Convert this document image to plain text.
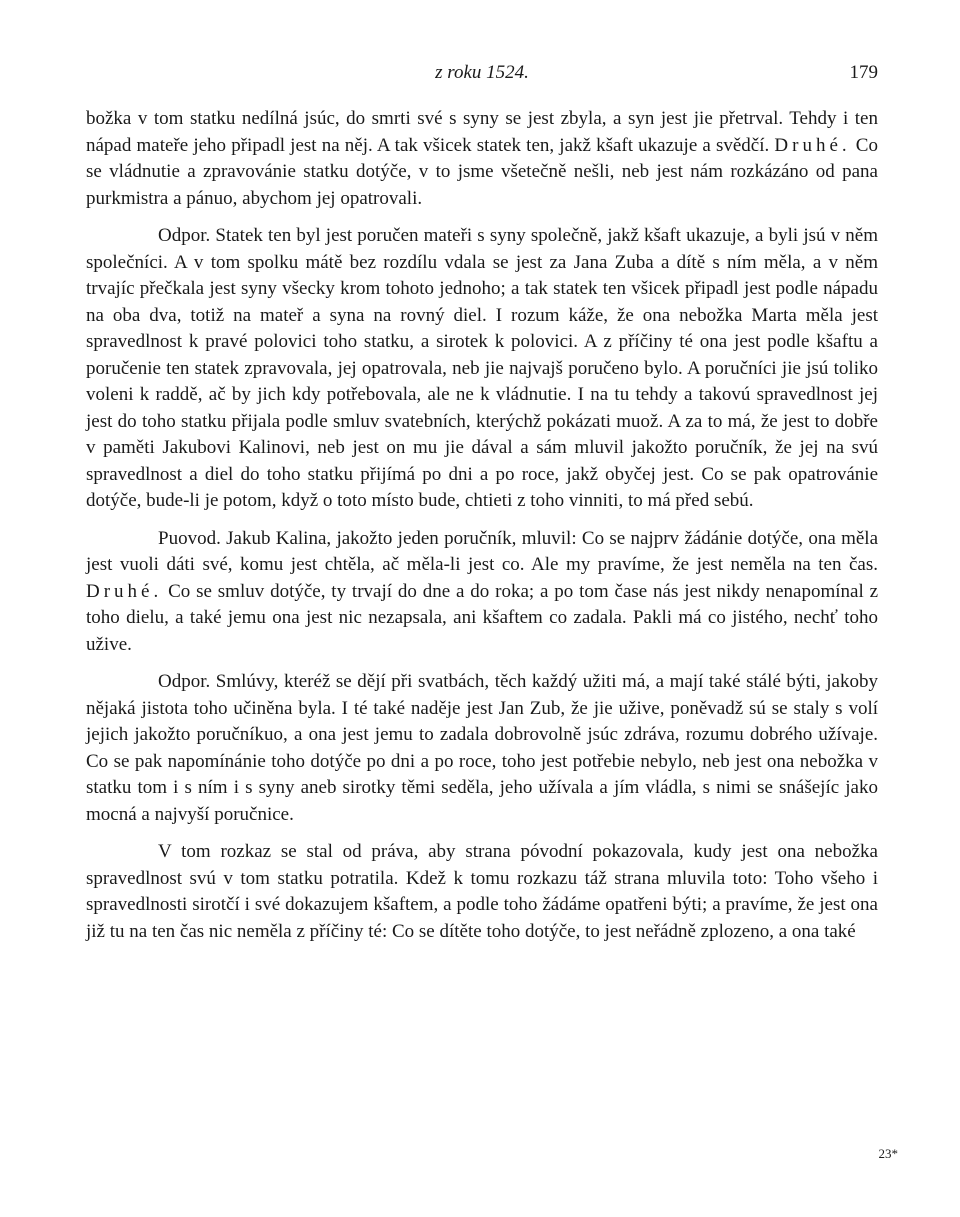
z roku 1524.	179

božka v tom statku nedílná jsúc, do smrti své s syny se jest zbyla, a syn jest jie přetrval. Tehdy i ten nápad mateře jeho připadl jest na něj. A tak všicek statek ten, jakž kšaft ukazuje a svědčí. Druhé. Co se vládnutie a zpravovánie statku dotýče, v to jsme všetečně nešli, neb jest nám rozkázáno od pana purkmistra a pánuo, abychom jej opatrovali.

Odpor. Statek ten byl jest poručen mateři s syny společně, jakž kšaft ukazuje, a byli jsú v něm společníci. A v tom spolku mátě bez rozdílu vdala se jest za Jana Zuba a dítě s ním měla, a v něm trvajíc přečkala jest syny všecky krom tohoto jednoho; a tak statek ten všicek připadl jest podle nápadu na oba dva, totiž na mateř a syna na rovný diel. I rozum káže, že ona nebožka Marta měla jest spravedlnost k pravé polovici toho statku, a sirotek k polovici. A z příčiny té ona jest podle kšaftu a poručenie ten statek zpravovala, jej opatrovala, neb jie najvajš poručeno bylo. A poručníci jie jsú toliko voleni k raddě, ač by jich kdy potřebovala, ale ne k vládnutie. I na tu tehdy a takovú spravedlnost jej jest do toho statku přijala podle smluv svatebních, kterýchž pokázati muož. A za to má, že jest to dobře v paměti Jakubovi Kalinovi, neb jest on mu jie dával a sám mluvil jakožto poručník, že jej na svú spravedlnost a diel do toho statku přijímá po dni a po roce, jakž obyčej jest. Co se pak opatrovánie dotýče, bude-li je potom, když o toto místo bude, chtieti z toho vinniti, to má před sebú.

Puovod. Jakub Kalina, jakožto jeden poručník, mluvil: Co se najprv žádánie dotýče, ona měla jest vuoli dáti své, komu jest chtěla, ač měla-li jest co. Ale my pravíme, že jest neměla na ten čas. Druhé. Co se smluv dotýče, ty trvají do dne a do roka; a po tom čase nás jest nikdy nenapomínal z toho dielu, a také jemu ona jest nic nezapsala, ani kšaftem co zadala. Pakli má co jistého, nechť toho užive.

Odpor. Smlúvy, kteréž se dějí při svatbách, těch každý užiti má, a mají také stálé býti, jakoby nějaká jistota toho učiněna byla. I té také naděje jest Jan Zub, že jie uživе, poněvadž sú se staly s volí jejich jakožto poručníkuo, a ona jest jemu to zadala dobrovolně jsúc zdráva, rozumu dobrého užívaje. Co se pak napomínánie toho dotýče po dni a po roce, toho jest potřebie nebylo, neb jest ona nebožka v statku tom i s ním i s syny aneb sirotky těmi seděla, jeho užívala a jím vládla, s nimi se snášejíc jako mocná a najvyší poručnice.

V tom rozkaz se stal od práva, aby strana póvodní pokazovala, kudy jest ona nebožka spravedlnost svú v tom statku potratila. Kdež k tomu rozkazu táž strana mluvila toto: Toho všeho i spravedlnosti sirotčí i své dokazujem kšaftem, a podle toho žádáme opatřeni býti; a pravíme, že jest ona již tu na ten čas nic neměla z příčiny té: Co se dítěte toho dotýče, to jest neřádně zplozeno, a ona také

23*
